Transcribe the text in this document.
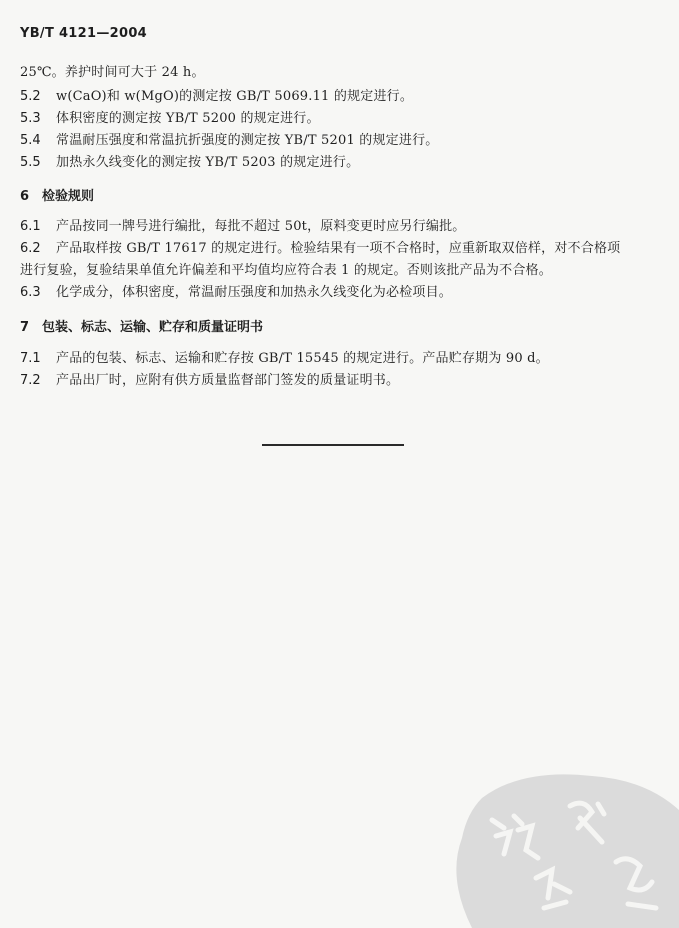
YB/T 4121—2004
25℃。养护时间可大于 24 h。
5.2 w(CaO)和 w(MgO)的测定按 GB/T 5069.11 的规定进行。
5.3 体积密度的测定按 YB/T 5200 的规定进行。
5.4 常温耐压强度和常温抗折强度的测定按 YB/T 5201 的规定进行。
5.5 加热永久线变化的测定按 YB/T 5203 的规定进行。
6 检验规则
6.1 产品按同一牌号进行编批，每批不超过 50t，原料变更时应另行编批。
6.2 产品取样按 GB/T 17617 的规定进行。检验结果有一项不合格时，应重新取双倍样，对不合格项
进行复验，复验结果单值允许偏差和平均值均应符合表 1 的规定。否则该批产品为不合格。
6.3 化学成分，体积密度，常温耐压强度和加热永久线变化为必检项目。
7 包装、标志、运输、贮存和质量证明书
7.1 产品的包装、标志、运输和贮存按 GB/T 15545 的规定进行。产品贮存期为 90 d。
7.2 产品出厂时，应附有供方质量监督部门签发的质量证明书。
